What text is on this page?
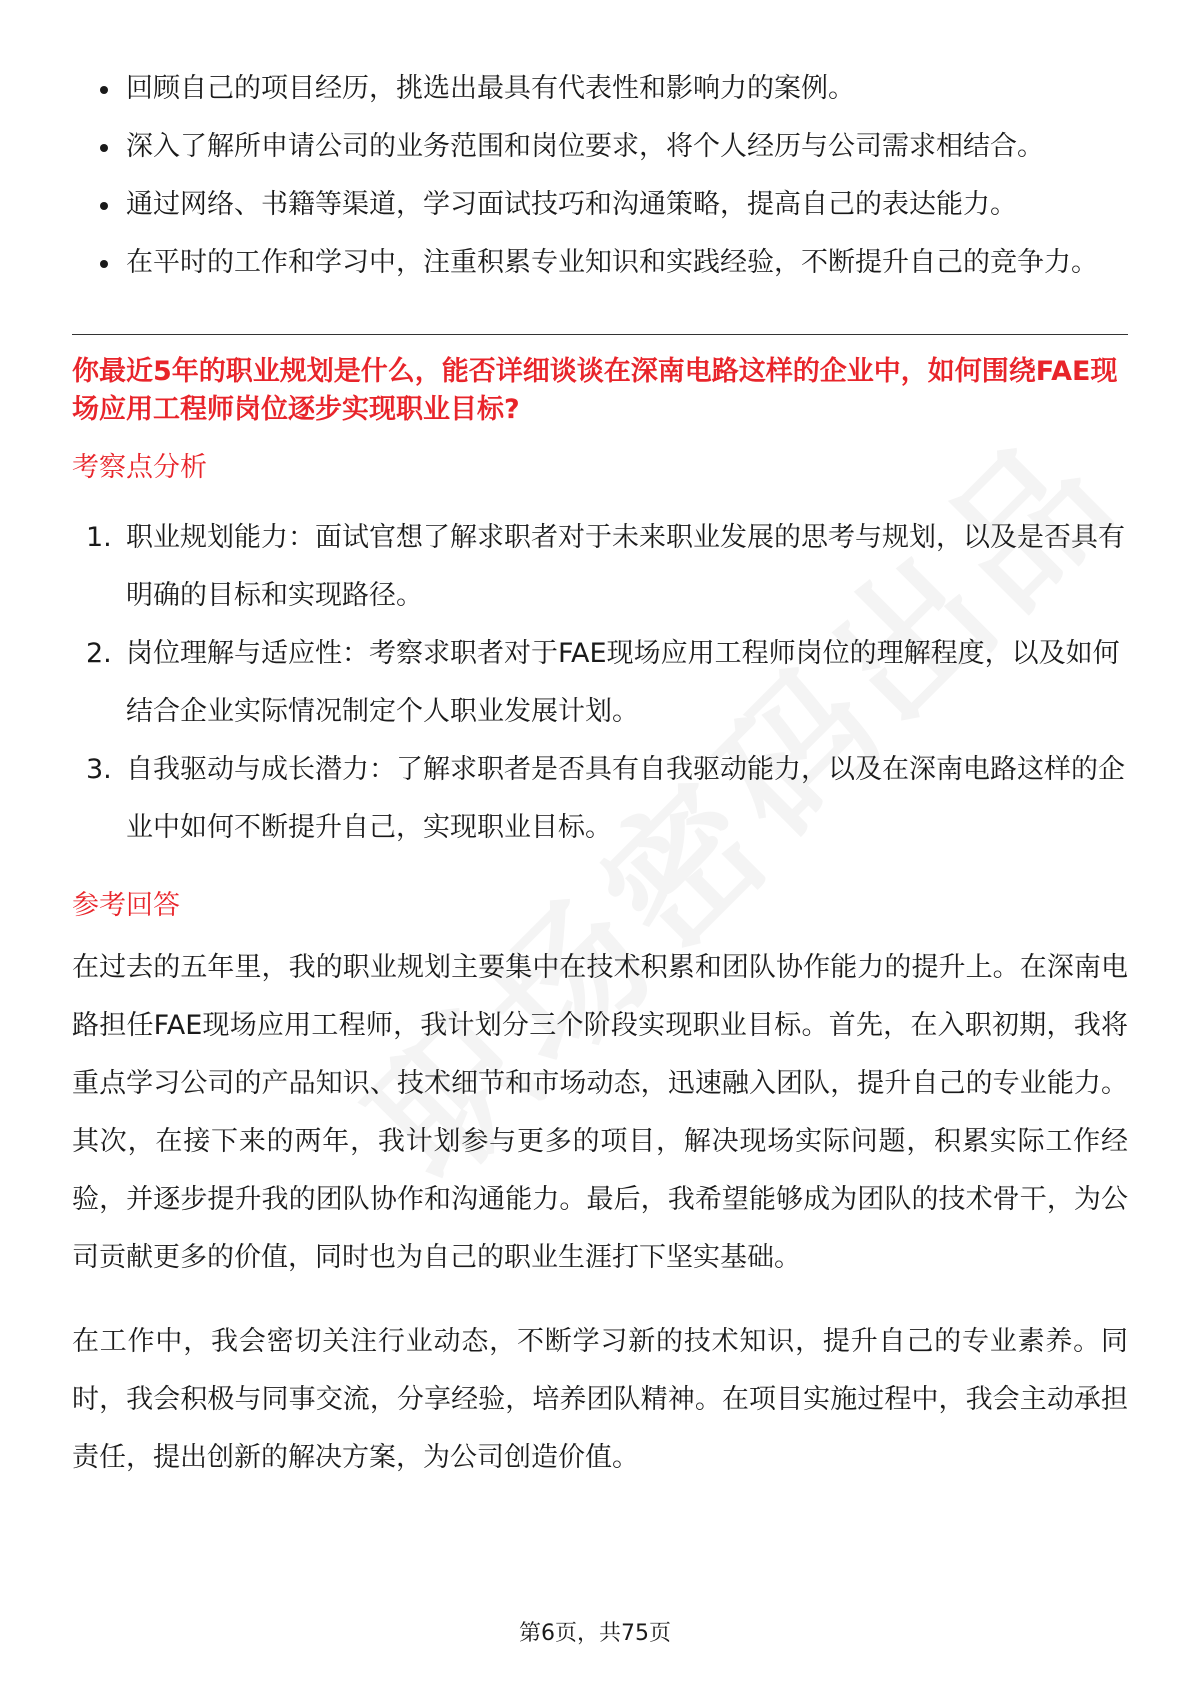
回顾自己的项目经历，挑选出最具有代表性和影响力的案例。
深入了解所申请公司的业务范围和岗位要求，将个人经历与公司需求相结合。
通过网络、书籍等渠道，学习面试技巧和沟通策略，提高自己的表达能力。
在平时的工作和学习中，注重积累专业知识和实践经验，不断提升自己的竞争力。

你最近5年的职业规划是什么，能否详细谈谈在深南电路这样的企业中，如何围绕FAE现场应用工程师岗位逐步实现职业目标?

考察点分析
1. 职业规划能力：面试官想了解求职者对于未来职业发展的思考与规划，以及是否具有明确的目标和实现路径。
2. 岗位理解与适应性：考察求职者对于FAE现场应用工程师岗位的理解程度，以及如何结合企业实际情况制定个人职业发展计划。
3. 自我驱动与成长潜力：了解求职者是否具有自我驱动能力，以及在深南电路这样的企业中如何不断提升自己，实现职业目标。
参考回答

在过去的五年里，我的职业规划主要集中在技术积累和团队协作能力的提升上。在深南电路担任FAE现场应用工程师，我计划分三个阶段实现职业目标。首先，在入职初期，我将重点学习公司的产品知识、技术细节和市场动态，迅速融入团队，提升自己的专业能力。其次，在接下来的两年，我计划参与更多的项目，解决现场实际问题，积累实际工作经验，并逐步提升我的团队协作和沟通能力。最后，我希望能够成为团队的技术骨干，为公司贡献更多的价值，同时也为自己的职业生涯打下坚实基础。

在工作中，我会密切关注行业动态，不断学习新的技术知识，提升自己的专业素养。同时，我会积极与同事交流，分享经验，培养团队精神。在项目实施过程中，我会主动承担责任，提出创新的解决方案，为公司创造价值。

第6页，共75页
